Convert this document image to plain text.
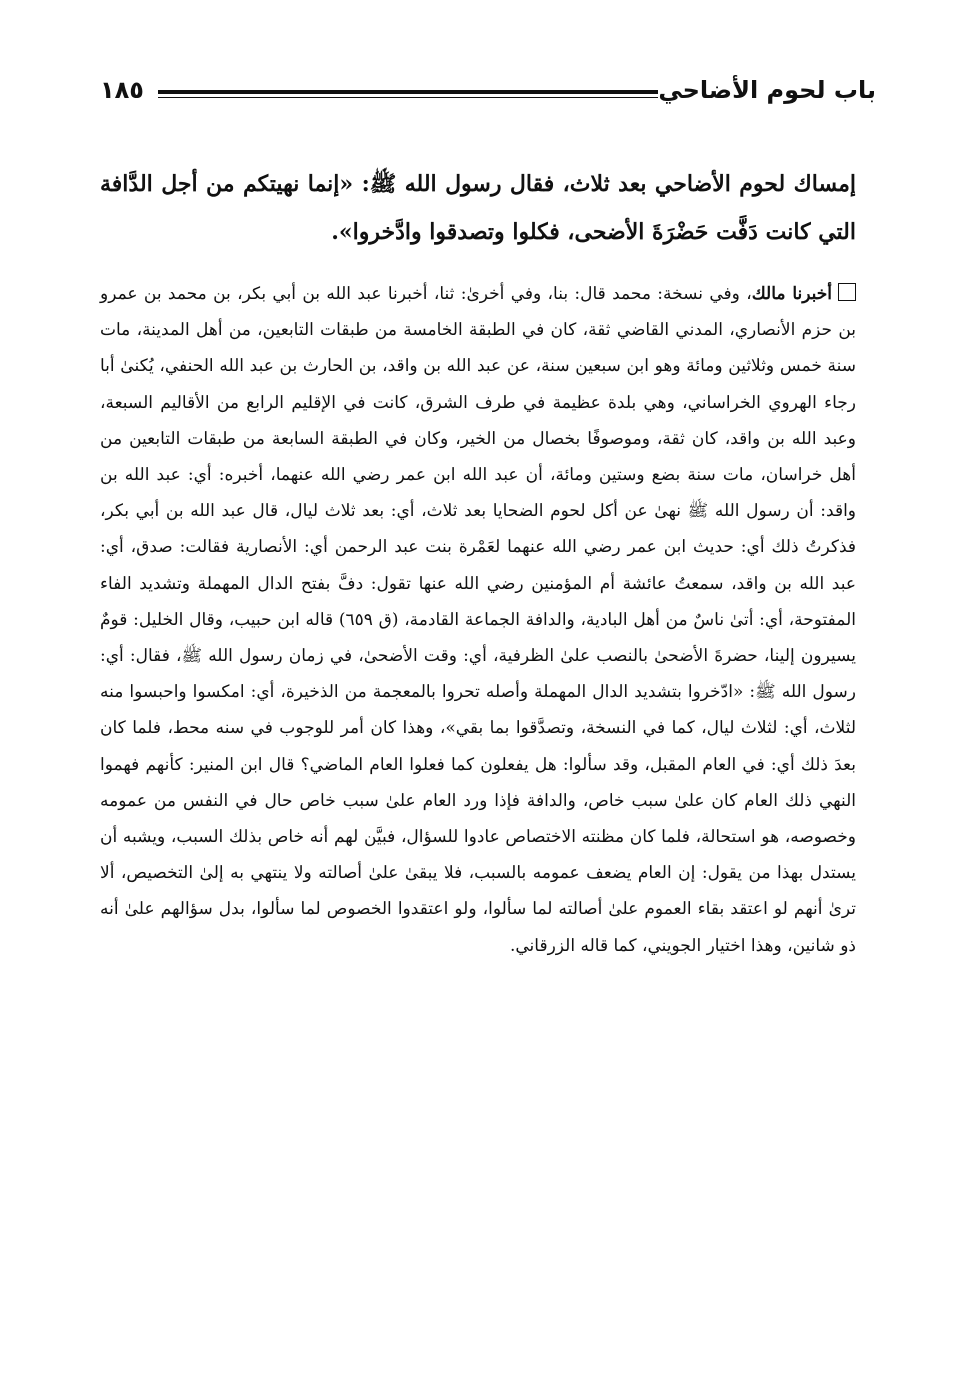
باب لحوم الأضاحي
١٨٥
إمساك لحوم الأضاحي بعد ثلاث، فقال رسول الله ﷺ: «إنما نهيتكم من أجل الدَّافة التي كانت دَفَّت حَضْرَةَ الأضحى، فكلوا وتصدقوا وادَّخروا».
أخبرنا مالك، وفي نسخة: محمد قال: بنا، وفي أخرىٰ: ثنا، أخبرنا عبد الله بن أبي بكر، بن محمد بن عمرو بن حزم الأنصاري، المدني القاضي ثقة، كان في الطبقة الخامسة من طبقات التابعين، من أهل المدينة، مات سنة خمس وثلاثين ومائة وهو ابن سبعين سنة، عن عبد الله بن واقد، بن الحارث بن عبد الله الحنفي، يُكنىٰ أبا رجاء الهروي الخراساني، وهي بلدة عظيمة في طرف الشرق، كانت في الإقليم الرابع من الأقاليم السبعة، وعبد الله بن واقد، كان ثقة، وموصوفًا بخصال من الخير، وكان في الطبقة السابعة من طبقات التابعين من أهل خراسان، مات سنة بضع وستين ومائة، أن عبد الله ابن عمر رضي الله عنهما، أخبره: أي: عبد الله بن واقد: أن رسول الله ﷺ نهىٰ عن أكل لحوم الضحايا بعد ثلاث، أي: بعد ثلاث ليال، قال عبد الله بن أبي بكر، فذكرتُ ذلك أي: حديث ابن عمر رضي الله عنهما لعَمْرة بنت عبد الرحمن أي: الأنصارية فقالت: صدق، أي: عبد الله بن واقد، سمعتُ عائشة أم المؤمنين رضي الله عنها تقول: دفَّ بفتح الدال المهملة وتشديد الفاء المفتوحة، أي: أتىٰ ناسٌ من أهل البادية، والدافة الجماعة القادمة، (ق ٦٥٩) قاله ابن حبيب، وقال الخليل: قومٌ يسيرون إلينا، حضرةَ الأضحىٰ بالنصب علىٰ الظرفية، أي: وقت الأضحىٰ، في زمان رسول الله ﷺ، فقال: أي: رسول الله ﷺ: «ادّخروا بتشديد الدال المهملة وأصله تحروا بالمعجمة من الذخيرة، أي: امكسوا واحبسوا منه لثلاث، أي: لثلاث ليال، كما في النسخة، وتصدَّقوا بما بقي»، وهذا كان أمر للوجوب في سنه محط، فلما كان بعدَ ذلك أي: في العام المقبل، وقد سألوا: هل يفعلون كما فعلوا العام الماضي؟ قال ابن المنير: كأنهم فهموا النهي ذلك العام كان علىٰ سبب خاص، والدافة فإذا ورد العام علىٰ سبب خاص حال في النفس من عمومه وخصوصه، هو استحالة، فلما كان مظنته الاختصاص عادوا للسؤال، فبيَّن لهم أنه خاص بذلك السبب، ويشبه أن يستدل بهذا من يقول: إن العام يضعف عمومه بالسبب، فلا يبقىٰ علىٰ أصالته ولا ينتهي به إلىٰ التخصيص، ألا ترىٰ أنهم لو اعتقد بقاء العموم علىٰ أصالته لما سألوا، ولو اعتقدوا الخصوص لما سألوا، بدل سؤالهم علىٰ أنه ذو شانين، وهذا اختيار الجويني، كما قاله الزرقاني.
